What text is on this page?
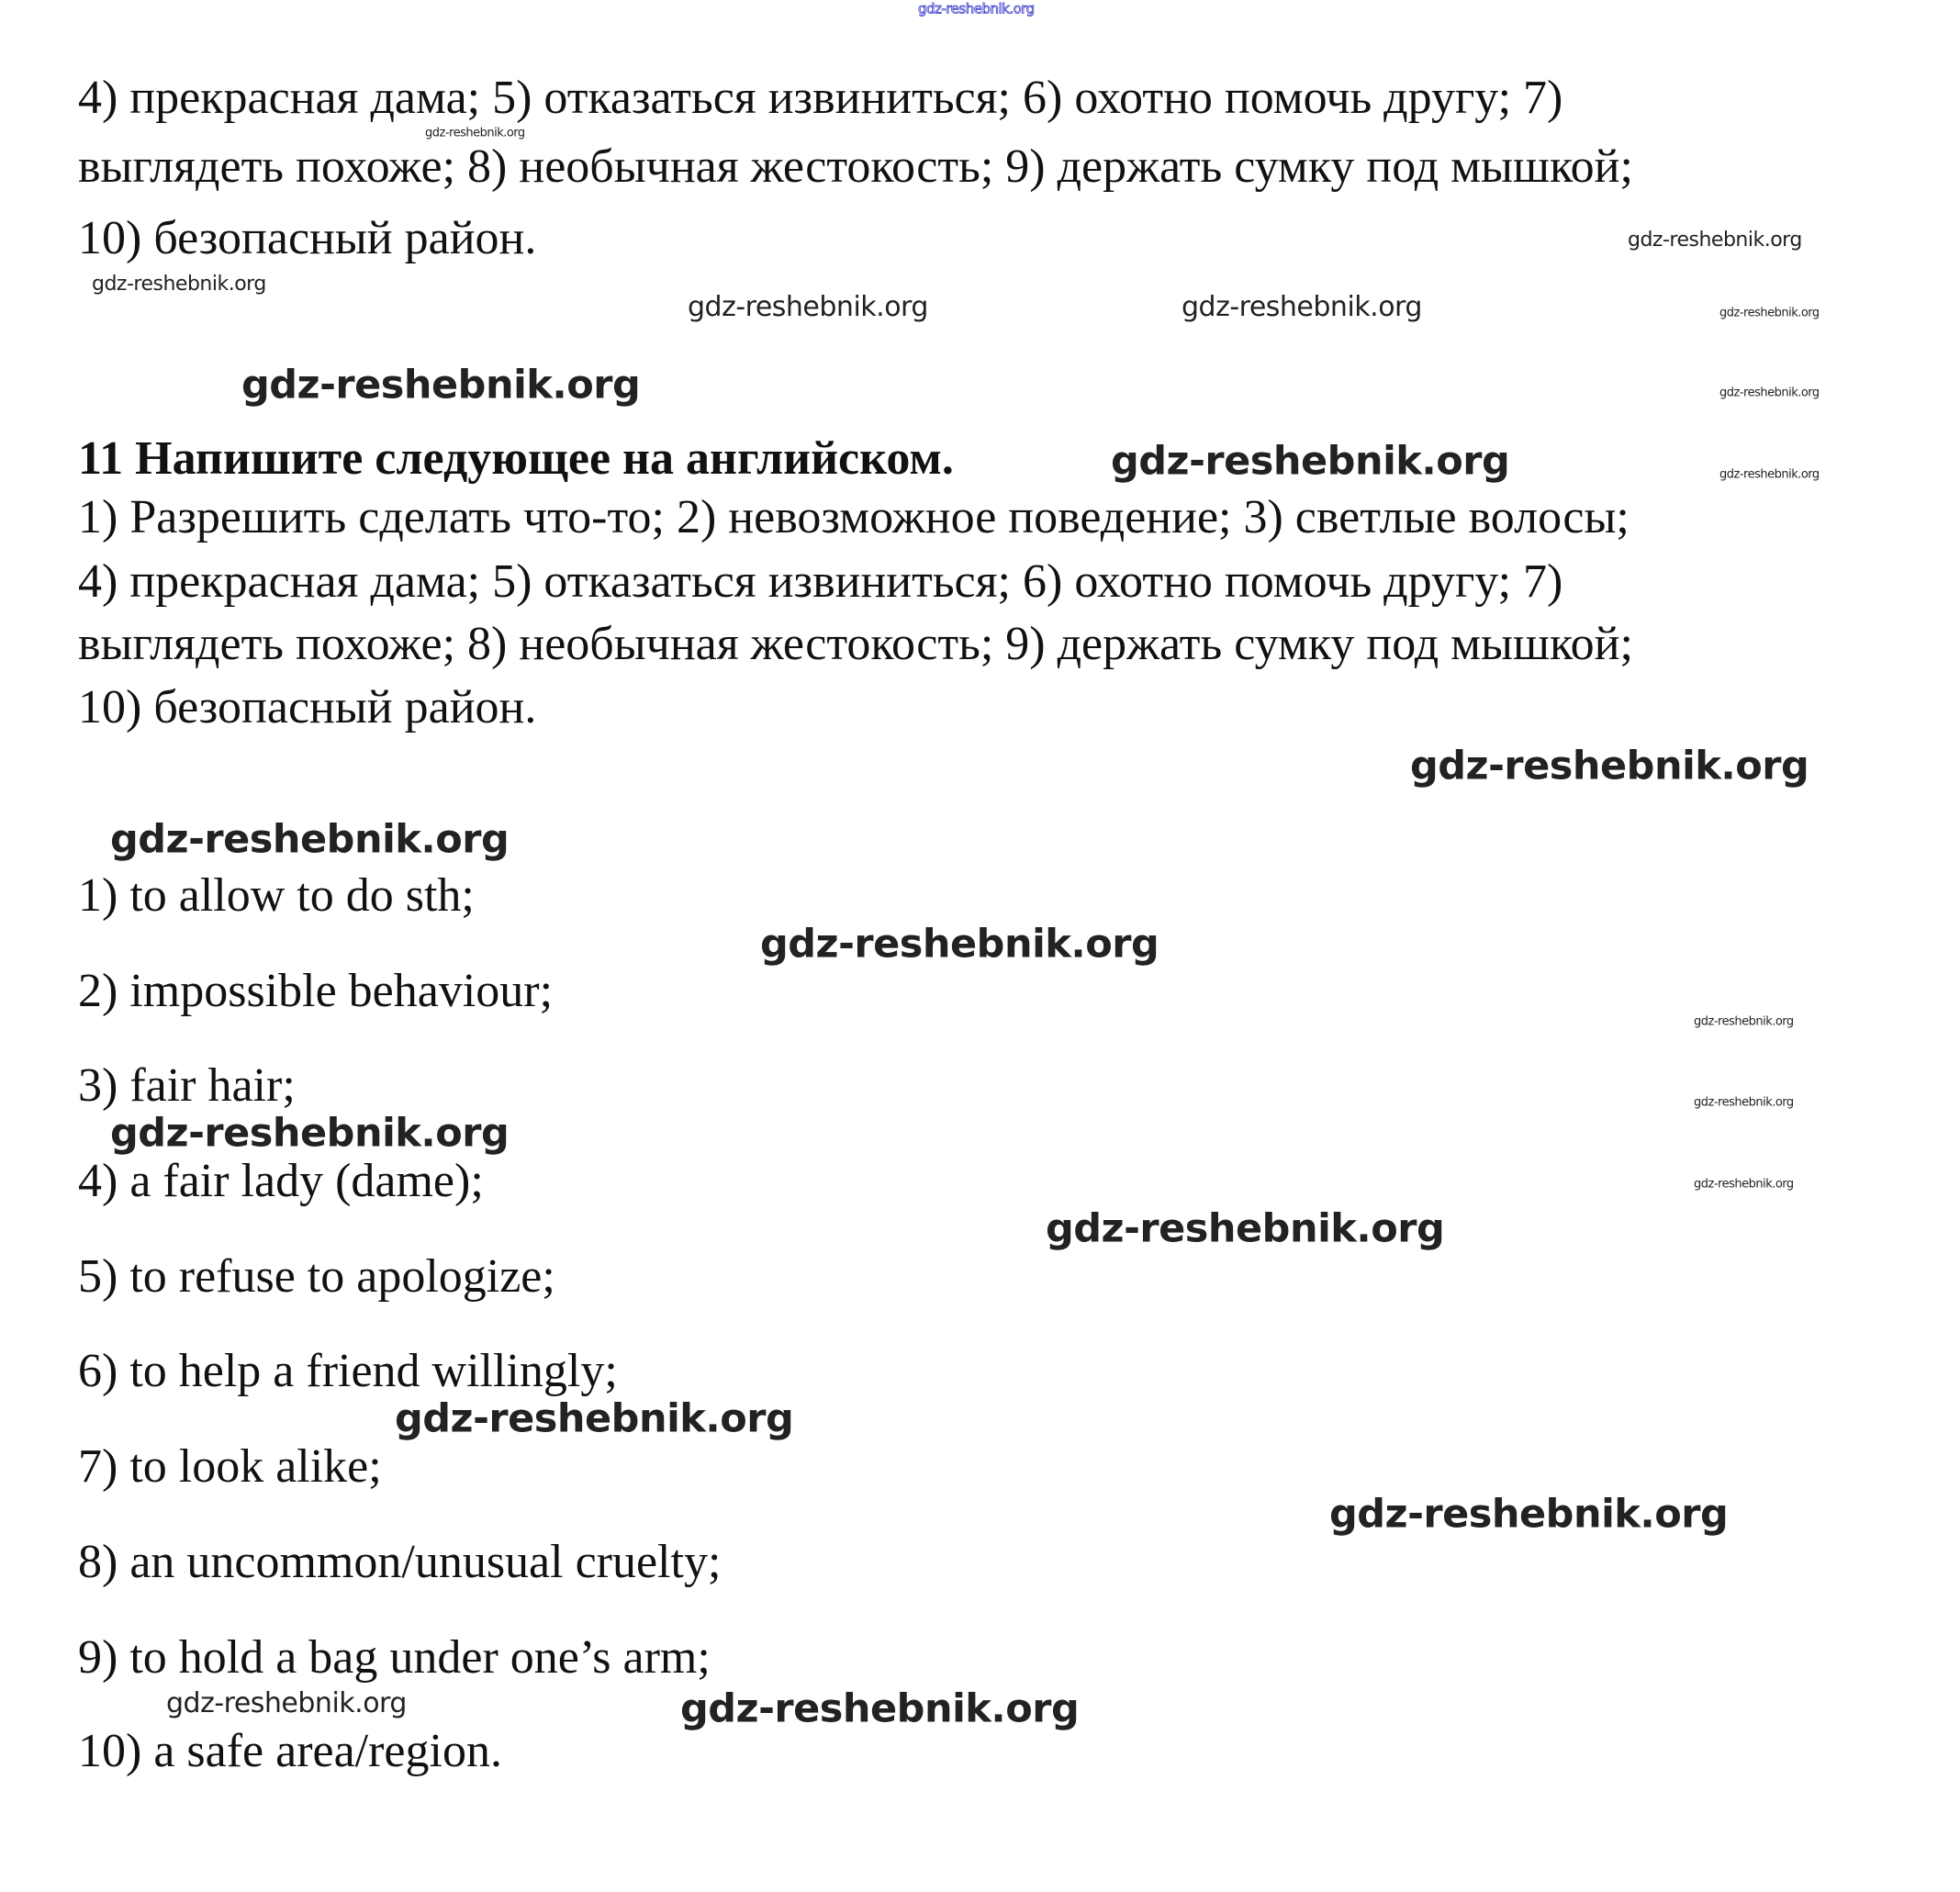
gdz-reshebnik.org
4) прекрасная дама; 5) отказаться извиниться; 6) охотно помочь другу; 7)
выглядеть похоже; 8) необычная жестокость; 9) держать сумку под мышкой;
10) безопасный район.
11 Напишите следующее на английском.
1) Разрешить сделать что-то; 2) невозможное поведение; 3) светлые волосы;
4) прекрасная дама; 5) отказаться извиниться; 6) охотно помочь другу; 7)
выглядеть похоже; 8) необычная жестокость; 9) держать сумку под мышкой;
10) безопасный район.
1) to allow to do sth;
2) impossible behaviour;
3) fair hair;
4) a fair lady (dame);
5) to refuse to apologize;
6) to help a friend willingly;
7) to look alike;
8) an uncommon/unusual cruelty;
9) to hold a bag under one’s arm;
10) a safe area/region.
gdz-reshebnik.org
gdz-reshebnik.org
gdz-reshebnik.org	gdz-reshebnik.org
gdz-reshebnik.org
gdz-reshebnik.org
gdz-reshebnik.org
gdz-reshebnik.org
gdz-reshebnik.org
gdz-reshebnik.org
gdz-reshebnik.org
gdz-reshebnik.org
gdz-reshebnik.org
gdz-reshebnik.org
gdz-reshebnik.org
gdz-reshebnik.org
gdz-reshebnik.org
gdz-reshebnik.org
gdz-reshebnik.org
gdz-reshebnik.org
gdz-reshebnik.org	gdz-reshebnik.org
